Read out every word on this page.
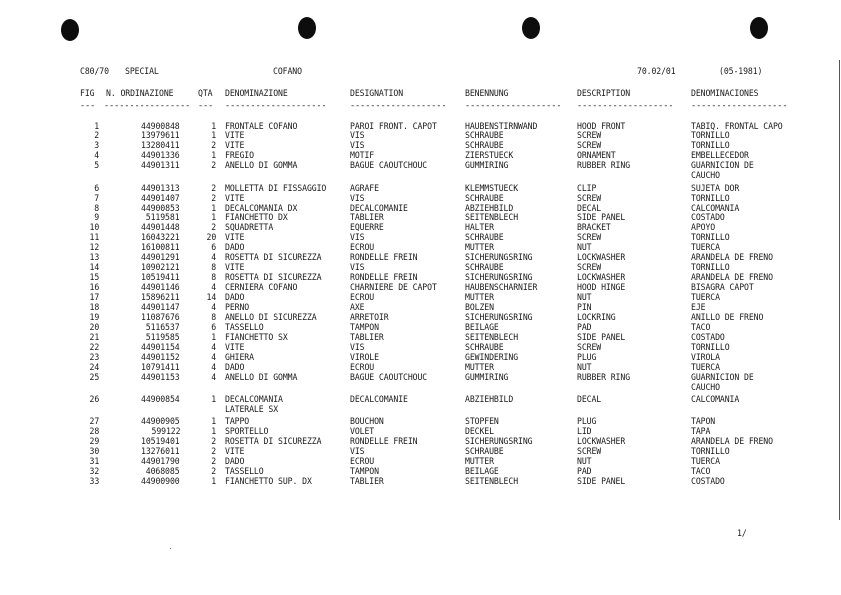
C80/70 SPECIAL	COFANO	70.02/01	(05-1981)
FIG N. ORDINAZIONE	QTA DENOMINAZIONE	DESIGNATION	BENENNUNG	DESCRIPTION	DENOMINACIONES
--- ----------------- --- --------------------	------------------- ------------------- ------------------- -------------------
1	44900848	1 FRONTALE COFANO	PAROI FRONT. CAPOT	HAUBENSTIRNWAND	HOOD FRONT	TABIQ. FRONTAL CAPO
2	13979611	1 VITE	VIS	SCHRAUBE	SCREW	TORNILLO
3	13280411	2 VITE	VIS	SCHRAUBE	SCREW	TORNILLO
4	44901336	1 FREGIO	MOTIF	ZIERSTUECK	ORNAMENT	EMBELLECEDOR
5	44901311	2 ANELLO DI GOMMA	BAGUE CAOUTCHOUC	GUMMIRING	RUBBER RING	GUARNICION DE
CAUCHO
6	44901313	2 MOLLETTA DI FISSAGGIO	AGRAFE	KLEMMSTUECK	CLIP	SUJETA DOR
7	44901407	2 VITE	VIS	SCHRAUBE	SCREW	TORNILLO
8	44900853	1 DECALCOMANIA DX	DECALCOMANIE	ABZIEHBILD	DECAL	CALCOMANIA
9	5119581	1 FIANCHETTO DX	TABLIER	SEITENBLECH	SIDE PANEL	COSTADO
10	44901448	2 SQUADRETTA	EQUERRE	HALTER	BRACKET	APOYO
11	16043221	20 VITE	VIS	SCHRAUBE	SCREW	TORNILLO
12	16100811	6 DADO	ECROU	MUTTER	NUT	TUERCA
13	44901291	4 ROSETTA DI SICUREZZA	RONDELLE FREIN	SICHERUNGSRING	LOCKWASHER	ARANDELA DE FRENO
14	10902121	8 VITE	VIS	SCHRAUBE	SCREW	TORNILLO
15	10519411	8 ROSETTA DI SICUREZZA	RONDELLE FREIN	SICHERUNGSRING	LOCKWASHER	ARANDELA DE FRENO
16	44901146	4 CERNIERA COFANO	CHARNIERE DE CAPOT	HAUBENSCHARNIER	HOOD HINGE	BISAGRA CAPOT
17	15896211	14 DADO	ECROU	MUTTER	NUT	TUERCA
18	44901147	4 PERNO	AXE	BOLZEN	PIN	EJE
19	11087676	8 ANELLO DI SICUREZZA	ARRETOIR	SICHERUNGSRING	LOCKRING	ANILLO DE FRENO
20	5116537	6 TASSELLO	TAMPON	BEILAGE	PAD	TACO
21	5119585	1 FIANCHETTO SX	TABLIER	SEITENBLECH	SIDE PANEL	COSTADO
22	44901154	4 VITE	VIS	SCHRAUBE	SCREW	TORNILLO
23	44901152	4 GHIERA	VIROLE	GEWINDERING	PLUG	VIROLA
24	10791411	4 DADO	ECROU	MUTTER	NUT	TUERCA
25	44901153	4 ANELLO DI GOMMA	BAGUE CAOUTCHOUC	GUMMIRING	RUBBER RING	GUARNICION DE
CAUCHO
26	44900854	1 DECALCOMANIA	DECALCOMANIE	ABZIEHBILD	DECAL	CALCOMANIA
LATERALE SX
27	44900905	1 TAPPO	BOUCHON	STOPFEN	PLUG	TAPON
28	599122	1 SPORTELLO	VOLET	DECKEL	LID	TAPA
29	10519401	2 ROSETTA DI SICUREZZA	RONDELLE FREIN	SICHERUNGSRING	LOCKWASHER	ARANDELA DE FRENO
30	13276011	2 VITE	VIS	SCHRAUBE	SCREW	TORNILLO
31	44901790	2 DADO	ECROU	MUTTER	NUT	TUERCA
32	4068085	2 TASSELLO	TAMPON	BEILAGE	PAD	TACO
33	44900900	1 FIANCHETTO SUP. DX	TABLIER	SEITENBLECH	SIDE PANEL	COSTADO
1/
